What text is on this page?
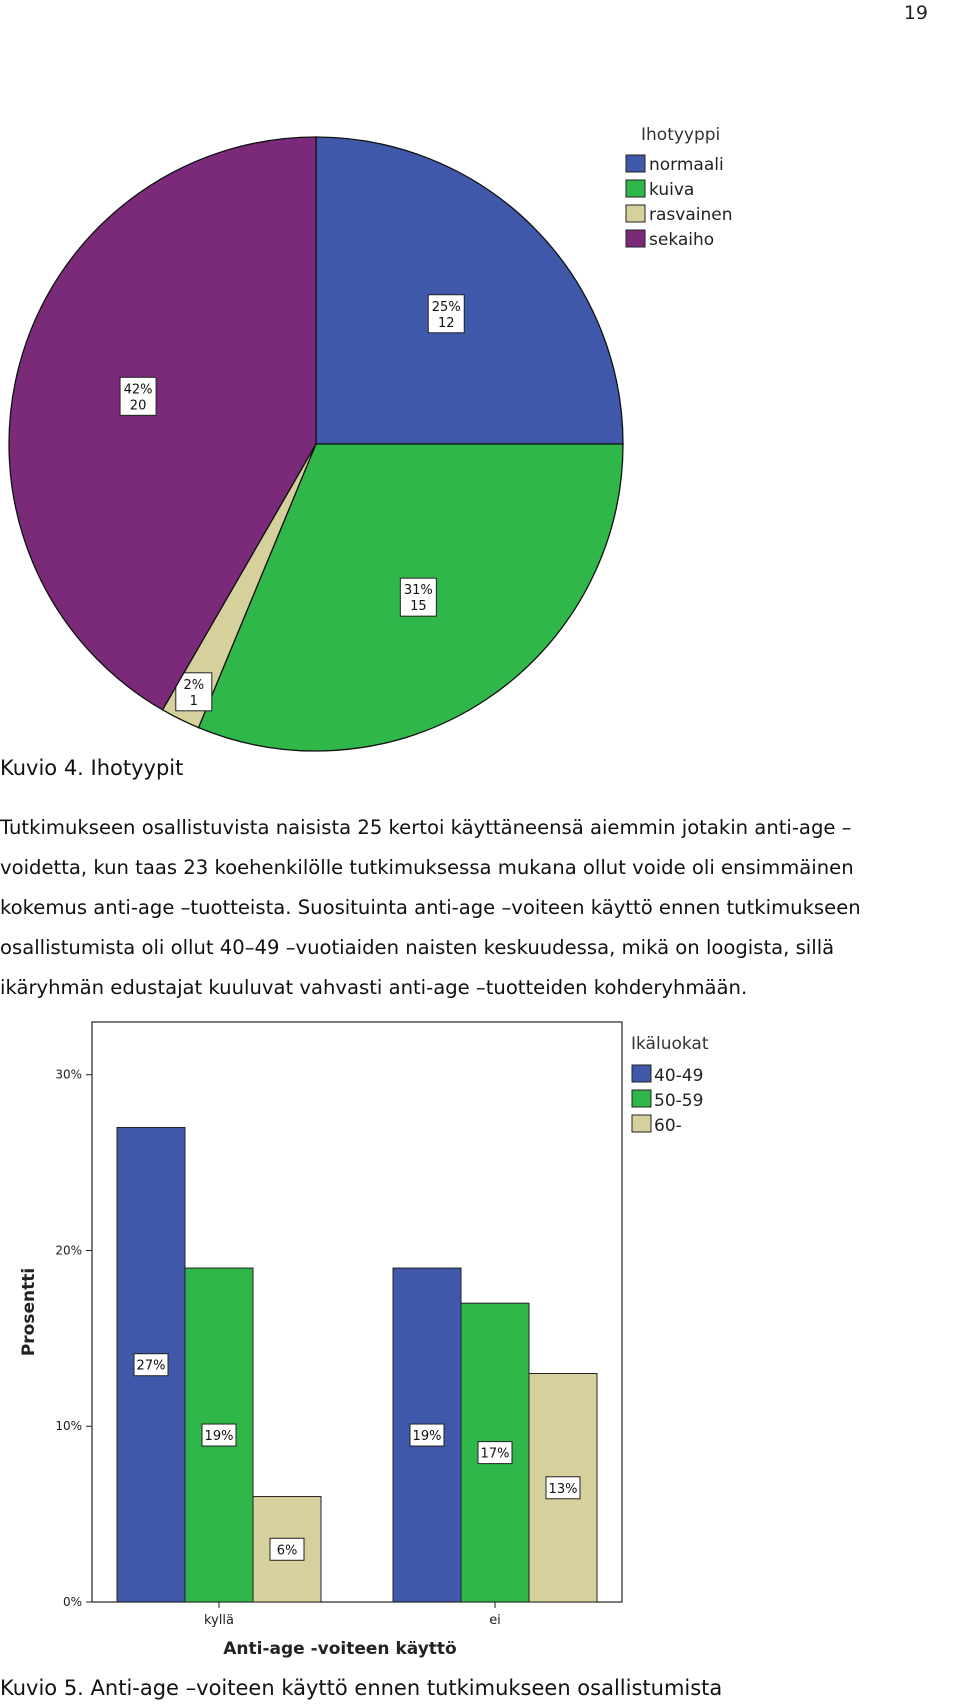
19
25%
12
31%
15
2%
1
42%
20
Ihotyyppi
normaali
kuiva
rasvainen
sekaiho
Kuvio 4. Ihotyypit
Tutkimukseen osallistuvista naisista 25 kertoi käyttäneensä aiemmin jotakin anti-age –
voidetta, kun taas 23 koehenkilölle tutkimuksessa mukana ollut voide oli ensimmäinen
kokemus anti-age –tuotteista. Suosituinta anti-age –voiteen käyttö ennen tutkimukseen
osallistumista oli ollut 40–49 –vuotiaiden naisten keskuudessa, mikä on loogista, sillä
ikäryhmän edustajat kuuluvat vahvasti anti-age –tuotteiden kohderyhmään.
0%
10%
20%
30%
Prosentti
27%
19%
6%
kyllä
19%
17%
13%
ei
Anti-age -voiteen käyttö
Ikäluokat
40-49
50-59
60-
Kuvio 5. Anti-age –voiteen käyttö ennen tutkimukseen osallistumista
